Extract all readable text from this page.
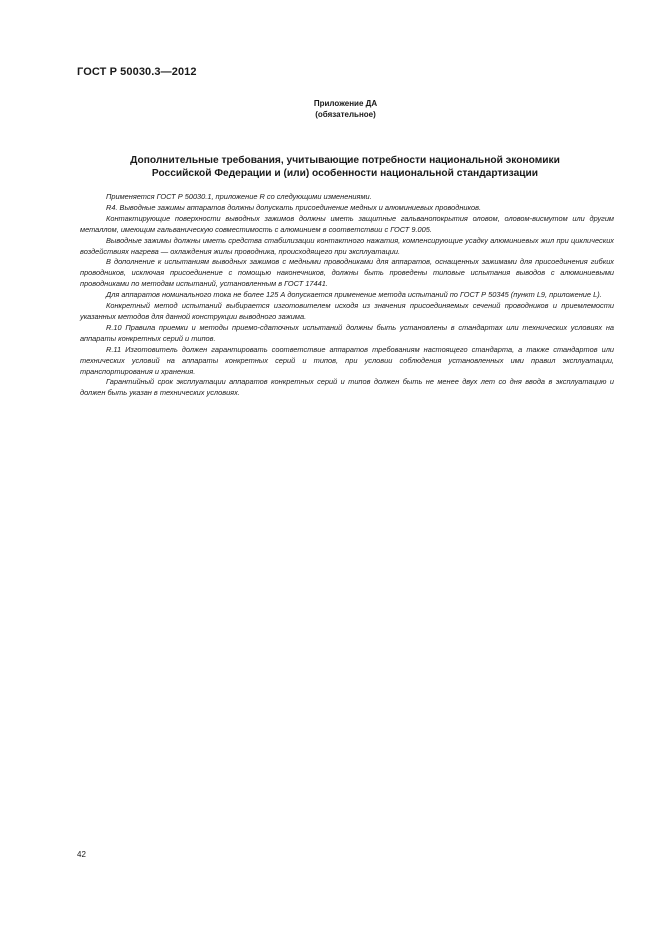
ГОСТ Р 50030.3—2012
Приложение ДА
(обязательное)
Дополнительные требования, учитывающие потребности национальной экономики
Российской Федерации и (или) особенности национальной стандартизации

Применяется ГОСТ Р 50030.1, приложение R со следующими изменениями.

R4. Выводные зажимы аппаратов должны допускать присоединение медных и алюминиевых проводников.

Контактирующие поверхности выводных зажимов должны иметь защитные гальванопокрытия оловом, оловом-висмутом или другим металлом, имеющим гальваническую совместимость с алюминием в соответствии с ГОСТ 9.005.

Выводные зажимы должны иметь средства стабилизации контактного нажатия, компенсирующие усадку алюминиевых жил при циклических воздействиях нагрева — охлаждения жилы проводника, происходящего при эксплуатации.

В дополнение к испытаниям выводных зажимов с медными проводниками для аппаратов, оснащенных зажимами для присоединения гибких проводников, исключая присоединение с помощью наконечников, должны быть проведены типовые испытания выводов с алюминиевыми проводниками по методам испытаний, установленным в ГОСТ 17441.

Для аппаратов номинального тока не более 125 А допускается применение метода испытаний по ГОСТ Р 50345 (пункт L9, приложение L).

Конкретный метод испытаний выбирается изготовителем исходя из значения присоединяемых сечений проводников и приемлемости указанных методов для данной конструкции выводного зажима.

R.10 Правила приемки и методы приемо-сдаточных испытаний должны быть установлены в стандартах или технических условиях на аппараты конкретных серий и типов.

R.11 Изготовитель должен гарантировать соответствие аппаратов требованиям настоящего стандарта, а также стандартов или технических условий на аппараты конкретных серий и типов, при условии соблюдения установленных ими правил эксплуатации, транспортирования и хранения.

Гарантийный срок эксплуатации аппаратов конкретных серий и типов должен быть не менее двух лет со дня ввода в эксплуатацию и должен быть указан в технических условиях.

42
